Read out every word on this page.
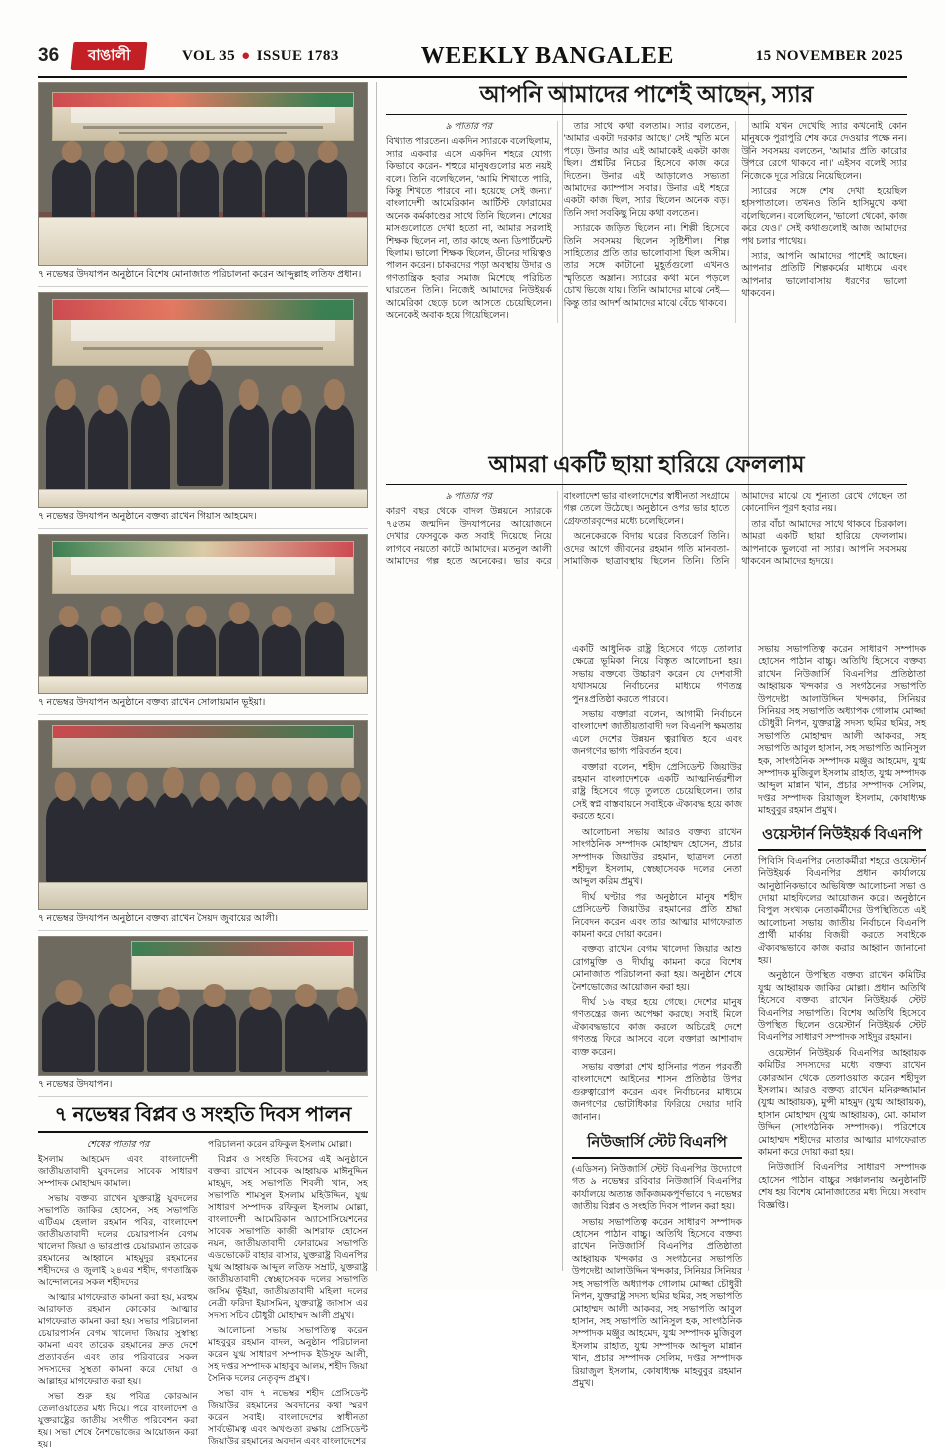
36	বাঙালী	VOL 35 ● ISSUE 1783	WEEKLY BANGALEE	15 NOVEMBER 2025
৭ নভেম্বর উদযাপন অনুষ্ঠানে বিশেষ মোনাজাত পরিচালনা করেন আব্দুল্লাহ লতিফ প্রধান।
৭ নভেম্বর উদযাপন অনুষ্ঠানে বক্তব্য রাখেন গিয়াস আহমেদ।
৭ নভেম্বর উদযাপন অনুষ্ঠানে বক্তব্য রাখেন সোলায়মান ভূইয়া।
৭ নভেম্বর উদযাপন অনুষ্ঠানে বক্তব্য রাখেন সৈয়দ জুবায়ের আলী।
৭ নভেম্বর উদযাপন।
৭ নভেম্বর বিপ্লব ও সংহতি দিবস পালন

শেষের পাতার পর

ইসলাম আহমেদ এবং বাংলাদেশী জাতীয়তাবাদী যুবদলের সাবেক সাধারণ সম্পাদক মোহাম্মদ কামাল।

সভায় বক্তব্য রাখেন যুক্তরাষ্ট্র যুবদলের সভাপতি জাকির হোসেন, সহ সভাপতি এটিএম হেলাল রহমান পবির, বাংলাদেশ জাতীয়তাবাদী দলের চেয়ারপার্সন বেগম খালেদা জিয়া ও ভারপ্রাপ্ত চেয়ারম্যান তারেক রহমানের আহ্বানে মাহমুদুর রহমানের শহীদদের ও জুলাই ২৪এর শহীদ, গণতান্ত্রিক আন্দোলনের সকল শহীদদের

আত্মার মাগফেরাত কামনা করা হয়, মরহুম আরাফাত রহমান কোকোর আত্মার মাগফেরাত কামনা করা হয়। সভার পরিচালনা চেয়ারপার্সন বেগম খালেদা জিয়ার সুস্বাস্থ্য কামনা এবং তারেক রহমানের দ্রুত দেশে প্রত্যাবর্তন এবং তার পরিবারের সকল সদস্যদের সুস্থতা কামনা করে দোয়া ও আল্লাহর মাগফেরাত করা হয়।

সভা শুরু হয় পবিত্র কোরআন তেলাওয়াতের মধ্য দিয়ে। পরে বাংলাদেশ ও যুক্তরাষ্ট্রের জাতীয় সংগীত পরিবেশন করা হয়। সভা শেষে নৈশভোজের আয়োজন করা হয়।

পরিচালনা করেন রফিকুল ইসলাম মোল্লা।

বিপ্লব ও সংহতি দিবসের এই অনুষ্ঠানে বক্তব্য রাখেন সাবেক আহ্বায়ক মাঈনুদ্দিন মাহমুদ, সহ সভাপতি শিবলী খান, সহ সভাপতি শামসুল ইসলাম মহিউদ্দিন, যুগ্ম সাধারণ সম্পাদক রফিকুল ইসলাম মোল্লা, বাংলাদেশী আমেরিকান অ্যাসোসিয়েশনের সাবেক সভাপতি কাজী আশরাফ হোসেন নয়ন, জাতীয়তাবাদী ফোরামের সভাপতি এডভোকেট বাহার বাসার, যুক্তরাষ্ট্র বিএনপির যুগ্ম আহ্বায়ক আব্দুল লতিফ সম্রাট, যুক্তরাষ্ট্র জাতীয়তাবাদী স্বেচ্ছাসেবক দলের সভাপতি জসিম ভূঁইয়া, জাতীয়তাবাদী মহিলা দলের নেত্রী ফরিদা ইয়াসমিন, যুক্তরাষ্ট্র জাসাস এর সদস্য সচিব চৌধুরী মোহাম্মদ আলী প্রমুখ।

আলোচনা সভায় সভাপতিত্ব করেন মাহবুবুর রহমান বাদল, অনুষ্ঠান পরিচালনা করেন যুগ্ম সাধারণ সম্পাদক ইউসুফ আলী, সহ দপ্তর সম্পাদক মাহাবুব আলম, শহীদ জিয়া সৈনিক দলের নেতৃবৃন্দ প্রমুখ।

সভা বাদ ৭ নভেম্বর শহীদ প্রেসিডেন্ট জিয়াউর রহমানের অবদানের কথা স্মরণ করেন সবাই। বাংলাদেশের স্বাধীনতা সার্বভৌমত্ব এবং অখণ্ডতা রক্ষায় প্রেসিডেন্ট জিয়াউর রহমানের অবদান এবং বাংলাদেশের

আপনি আমাদের পাশেই আছেন, স্যার

৯ পাতার পর

বিখ্যাত পারতেন। একদিন স্যারকে বলেছিলাম, স্যার একবার এসে একদিন শহরে যোগ্য কিভাবে করেন- শহুরে মানুষগুলোর মত নয়ই বলে। তিনি বলেছিলেন, 'আমি শিখাতে পারি, কিন্তু শিখতে পারবে না। হয়েছে সেই জন্য।' বাংলাদেশী আমেরিকান আর্টিস্ট ফোরামের অনেক কর্মকাণ্ডের সাথে তিনি ছিলেন। শেষের মাসগুলোতে দেখা হতো না, আমার সরলাই শিক্ষক ছিলেন না, তার কাছে অন্য ডিপার্টমেন্ট ছিলাম। ভালো শিক্ষক ছিলেন, ডীনের দায়িত্বও পালন করেন। চাকরদের পড়া অবস্থায় উদার ও গণতান্ত্রিক হবার সমাজ মিশেছে পরিচিত ঘারতেন তিনি। নিজেই আমাদের নিউইয়র্ক আমেরিকা ছেড়ে চলে আসতে চেয়েছিলেন। অনেকেই অবাক হয়ে গিয়েছিলেন।

তার সাথে কথা বলতাম। স্যার বলতেন, 'আমার একটা দরকার আছে।' সেই স্মৃতি মনে পড়ে। উনার আর এই আমাকেই একটা কাজ ছিল। প্রশ্নটির নিচের হিসেবে কাজ করে দিতেন। উনার এই আড়ালেও সভ্যতা আমাদের ক্যাম্পাস সবার। উনার এই শহরে একটা কাজ ছিল, স্যার ছিলেন অনেক বড়। তিনি সদা সবকিছু নিয়ে কথা বলতেন।

স্যারকে জড়িত ছিলেন না। শিল্পী হিসেবে তিনি সবসময় ছিলেন সৃষ্টিশীল। শিল্প সাহিত্যের প্রতি তার ভালোবাসা ছিল অসীম। তার সঙ্গে কাটানো মুহূর্তগুলো এখনও স্মৃতিতে অম্লান। স্যারের কথা মনে পড়লে চোখ ভিজে যায়। তিনি আমাদের মাঝে নেই— কিন্তু তার আদর্শ আমাদের মাঝে বেঁচে থাকবে।

আমি যখন দেখেছি স্যার কখনোই কোন মানুষকে পুরাপুরি শেষ করে দেওয়ার পক্ষে নন। উনি সবসময় বলতেন, 'আমার প্রতি কারোর উপরে রেগে থাকবে না।' এইসব বলেই স্যার নিজেকে দূরে সরিয়ে নিয়েছিলেন।

স্যারের সঙ্গে শেষ দেখা হয়েছিল হাসপাতালে। তখনও তিনি হাসিমুখে কথা বলেছিলেন। বলেছিলেন, 'ভালো থেকো, কাজ করে যেও।' সেই কথাগুলোই আজ আমাদের পথ চলার পাথেয়।

স্যার, আপনি আমাদের পাশেই আছেন। আপনার প্রতিটি শিল্পকর্মের মাধ্যমে এবং আপনার ভালোবাসায় ধরণের ভালো থাকবেন।

আমরা একটি ছায়া হারিয়ে ফেললাম

৯ পাতার পর

কারণ বছর থেকে বাদল উন্নয়নে স্যারকে ৭৫তম জন্মদিন উদযাপনের আয়োজনে দেখার ফেসবুকে কত সবাই দিয়েছে নিয়ে লাগবে নয়তো কাটে আমাদের। মতনুল আলী আমাদের গল্প হতে অনেকের। ভার করে বাংলাদেশ ভার বাংলাদেশের স্বাধীনতা সংগ্রামে গল্প তেলে উঠেছে। অনুষ্ঠানে ওপর ভার হাতে গ্রেফতারবৃন্দের মধ্যে চলেছিলেন।

অনেকেরকে বিদায় ঘরের বিতরের্ণ তিনি। ওদের আগে জীবনের রহমান গতি মানবতা-সামাজিক ছাত্রাবস্থায় ছিলেন তিনি। তিনি আমাদের মাঝে যে শূন্যতা রেখে গেছেন তা কোনোদিন পূরণ হবার নয়।

তার বাঁচা আমাদের সাথে থাকবে চিরকাল। আমরা একটি ছায়া হারিয়ে ফেললাম। আপনাকে ভুলবো না স্যার। আপনি সবসময় থাকবেন আমাদের হৃদয়ে।

একটি আধুনিক রাষ্ট্র হিসেবে গড়ে তোলার ক্ষেত্রে ভূমিকা নিয়ে বিস্তৃত আলোচনা হয়। সভায় বক্তব্যে উচ্চারণ করেন যে দেশবাসী যথাসময়ে নির্বাচনের মাধ্যমে গণতন্ত্র পুনঃপ্রতিষ্ঠা করতে পারবে।

সভায় বক্তারা বলেন, আগামী নির্বাচনে বাংলাদেশ জাতীয়তাবাদী দল বিএনপি ক্ষমতায় এলে দেশের উন্নয়ন ত্বরান্বিত হবে এবং জনগণের ভাগ্য পরিবর্তন হবে।

বক্তারা বলেন, শহীদ প্রেসিডেন্ট জিয়াউর রহমান বাংলাদেশকে একটি আত্মনির্ভরশীল রাষ্ট্র হিসেবে গড়ে তুলতে চেয়েছিলেন। তার সেই স্বপ্ন বাস্তবায়নে সবাইকে ঐক্যবদ্ধ হয়ে কাজ করতে হবে।

আলোচনা সভায় আরও বক্তব্য রাখেন সাংগঠনিক সম্পাদক মোহাম্মদ হোসেন, প্রচার সম্পাদক জিয়াউর রহমান, ছাত্রদল নেতা শহীদুল ইসলাম, স্বেচ্ছাসেবক দলের নেতা আব্দুল করিম প্রমুখ।

দীর্ঘ ঘণ্টার পর অনুষ্ঠানে মানুষ শহীদ প্রেসিডেন্ট জিয়াউর রহমানের প্রতি শ্রদ্ধা নিবেদন করেন এবং তার আত্মার মাগফেরাত কামনা করে দোয়া করেন।

বক্তব্য রাখেন বেগম খালেদা জিয়ার আশু রোগমুক্তি ও দীর্ঘায়ু কামনা করে বিশেষ মোনাজাত পরিচালনা করা হয়। অনুষ্ঠান শেষে নৈশভোজের আয়োজন করা হয়।

দীর্ঘ ১৬ বছর হয়ে গেছে। দেশের মানুষ গণতন্ত্রের জন্য অপেক্ষা করছে। সবাই মিলে ঐক্যবদ্ধভাবে কাজ করলে অচিরেই দেশে গণতন্ত্র ফিরে আসবে বলে বক্তারা আশাবাদ ব্যক্ত করেন।

সভায় বক্তারা শেখ হাসিনার পতন পরবর্তী বাংলাদেশে আইনের শাসন প্রতিষ্ঠার উপর গুরুত্বারোপ করেন এবং নির্বাচনের মাধ্যমে জনগণের ভোটাধিকার ফিরিয়ে দেয়ার দাবি জানান।

নিউজার্সি স্টেট বিএনপি

(এডিসন) নিউজার্সি স্টেট বিএনপির উদ্যোগে গত ৯ নভেম্বর রবিবার নিউজার্সি বিএনপির কার্যালয়ে অত্যন্ত জাঁকজমকপূর্ণভাবে ৭ নভেম্বর জাতীয় বিপ্লব ও সংহতি দিবস পালন করা হয়।

সভায় সভাপতিত্ব করেন সাধারণ সম্পাদক হোসেন পাঠান বাচ্চু। অতিথি হিসেবে বক্তব্য রাখেন নিউজার্সি বিএনপির প্রতিষ্ঠাতা আহ্বায়ক খন্দকার ও সংগঠনের সভাপতি উপদেষ্টা আলাউদ্দিন খন্দকার, সিনিয়র সিনিয়র সহ সভাপতি অধ্যাপক গোলাম মোজ্জা চৌধুরী নিপন, যুক্তরাষ্ট্র সদস্য ছমির ছমির, সহ সভাপতি মোহাম্মদ আলী আকবর, সহ সভাপতি আবুল হাসান, সহ সভাপতি আনিসুল হক, সাংগঠনিক সম্পাদক মঞ্জুর আহমেদ, যুগ্ম সম্পাদক মুজিবুল ইসলাম রাহাত, যুগ্ম সম্পাদক আব্দুল মান্নান খান, প্রচার সম্পাদক সেলিম, দপ্তর সম্পাদক রিয়াজুল ইসলাম, কোষাধ্যক্ষ মাহবুবুর রহমান প্রমুখ।

সভায় সভাপতিত্ব করেন সাধারণ সম্পাদক হোসেন পাঠান বাচ্চু। অতিথি হিসেবে বক্তব্য রাখেন নিউজার্সি বিএনপির প্রতিষ্ঠাতা আহ্বায়ক খন্দকার ও সংগঠনের সভাপতি উপদেষ্টা আলাউদ্দিন খন্দকার, সিনিয়র সিনিয়র সহ সভাপতি অধ্যাপক গোলাম মোজ্জা চৌধুরী নিপন, যুক্তরাষ্ট্র সদস্য ছমির ছমির, সহ সভাপতি মোহাম্মদ আলী আকবর, সহ সভাপতি আবুল হাসান, সহ সভাপতি আনিসুল হক, সাংগঠনিক সম্পাদক মঞ্জুর আহমেদ, যুগ্ম সম্পাদক মুজিবুল ইসলাম রাহাত, যুগ্ম সম্পাদক আব্দুল মান্নান খান, প্রচার সম্পাদক সেলিম, দপ্তর সম্পাদক রিয়াজুল ইসলাম, কোষাধ্যক্ষ মাহবুবুর রহমান প্রমুখ।

ওয়েস্টার্ন নিউইয়র্ক বিএনপি

পিবিসি বিএনপির নেতাকর্মীরা শহরে ওয়েস্টার্ন নিউইয়র্ক বিএনপির প্রধান কার্যালয়ে আনুষ্ঠানিকভাবে অভিষিক্ত আলোচনা সভা ও দোয়া মাহফিলের আয়োজন করে। অনুষ্ঠানে বিপুল সংখ্যক নেতাকর্মীদের উপস্থিতিতে এই আলোচনা সভায় জাতীয় নির্বাচনে বিএনপি প্রার্থী মার্কায় বিজয়ী করতে সবাইকে ঐক্যবদ্ধভাবে কাজ করার আহ্বান জানানো হয়।

অনুষ্ঠানে উপস্থিত বক্তব্য রাখেন কমিটির যুগ্ম আহ্বায়ক জাকির মোল্লা। প্রধান অতিথি হিসেবে বক্তব্য রাখেন নিউইয়র্ক স্টেট বিএনপির সভাপতি। বিশেষ অতিথি হিসেবে উপস্থিত ছিলেন ওয়েস্টার্ন নিউইয়র্ক স্টেট বিএনপির সাধারণ সম্পাদক সাইদুর রহমান।

ওয়েস্টার্ন নিউইয়র্ক বিএনপির আহ্বায়ক কমিটির সদস্যদের মধ্যে বক্তব্য রাখেন কোরআন থেকে তেলাওয়াত করেন শহীদুল ইসলাম। আরও বক্তব্য রাখেন মনিরুজ্জামান (যুগ্ম আহ্বায়ক), মুন্সী মাহমুদ (যুগ্ম আহ্বায়ক), হাসান মোহাম্মদ (যুগ্ম আহ্বায়ক), মো. কামাল উদ্দিন (সাংগঠনিক সম্পাদক)। পরিশেষে মোহাম্মদ শহীদের মাতার আত্মার মাগফেরাত কামনা করে দোয়া করা হয়।

নিউজার্সি বিএনপির সাধারণ সম্পাদক হোসেন পাঠান বাচ্চুর সঞ্চালনায় অনুষ্ঠানটি শেষ হয় বিশেষ মোনাজাতের মধ্য দিয়ে। সংবাদ বিজ্ঞপ্তি।
